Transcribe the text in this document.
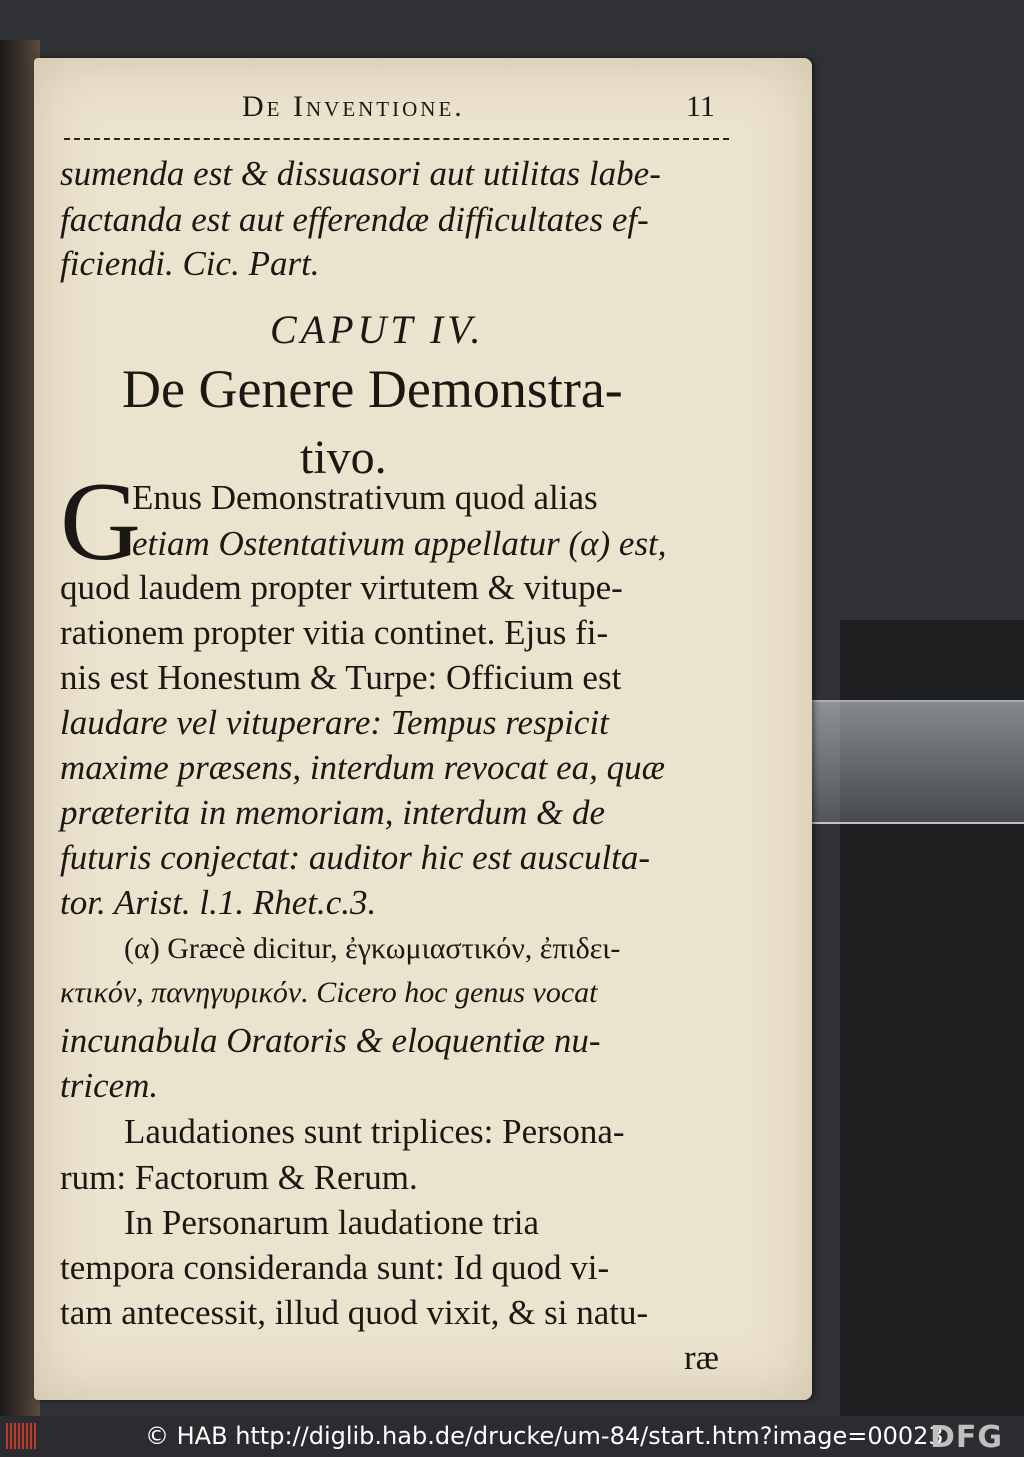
De Inventione.	11
sumenda est & dissuasori aut utilitas labe-
factanda est aut efferendæ difficultates ef-
ficiendi. Cic. Part.
CAPUT IV.
De Genere Demonstra-
tivo.
G
Enus Demonstrativum quod alias
etiam Ostentativum appellatur (α) est,
quod laudem propter virtutem & vitupe-
rationem propter vitia continet. Ejus fi-
nis est Honestum & Turpe: Officium est
laudare vel vituperare: Tempus respicit
maxime præsens, interdum revocat ea, quæ
præterita in memoriam, interdum & de
futuris conjectat: auditor hic est ausculta-
tor. Arist. l.1. Rhet.c.3.
(α) Græcè dicitur, ἐγκωμιαστικόν, ἐπιδει-
κτικόν, πανηγυρικόν. Cicero hoc genus vocat
incunabula Oratoris & eloquentiæ nu-
tricem.
Laudationes sunt triplices: Persona-
rum: Factorum & Rerum.
In Personarum laudatione tria
tempora consideranda sunt: Id quod vi-
tam antecessit, illud quod vixit, & si natu-
ræ
© HAB http://diglib.hab.de/drucke/um-84/start.htm?image=00023
DFG
